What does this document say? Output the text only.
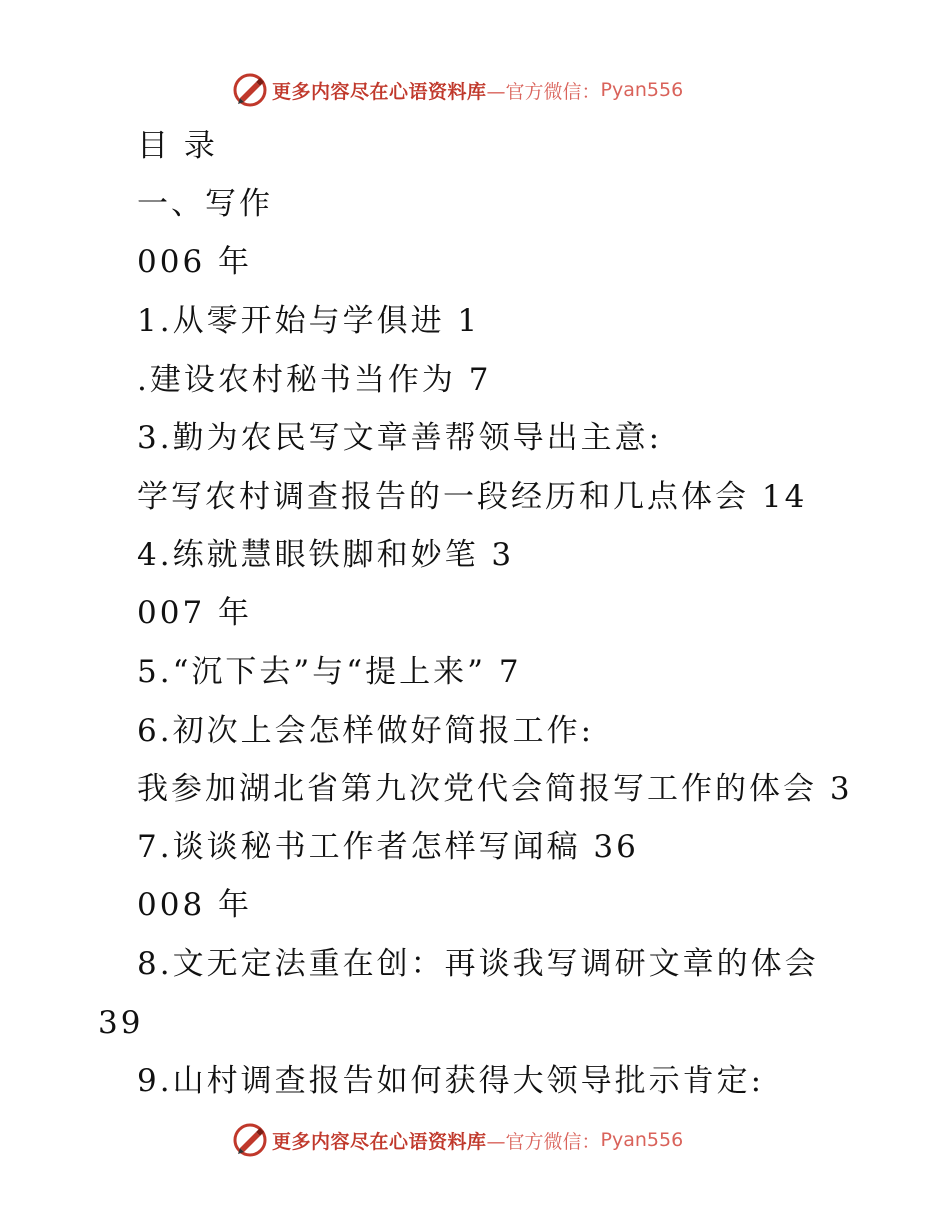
更多内容尽在心语资料库 —官方微信： Pyan556
目 录
一、写作
006 年
1.从零开始与学俱进 1
.建设农村秘书当作为 7
3.勤为农民写文章善帮领导出主意:
学写农村调查报告的一段经历和几点体会 14
4.练就慧眼铁脚和妙笔 3
007 年
5.“沉下去”与“提上来” 7
6.初次上会怎样做好简报工作:
我参加湖北省第九次党代会简报写工作的体会 3
7.谈谈秘书工作者怎样写闻稿 36
008 年
8.文无定法重在创：再谈我写调研文章的体会
39
9.山村调查报告如何获得大领导批示肯定:
更多内容尽在心语资料库 —官方微信： Pyan556
